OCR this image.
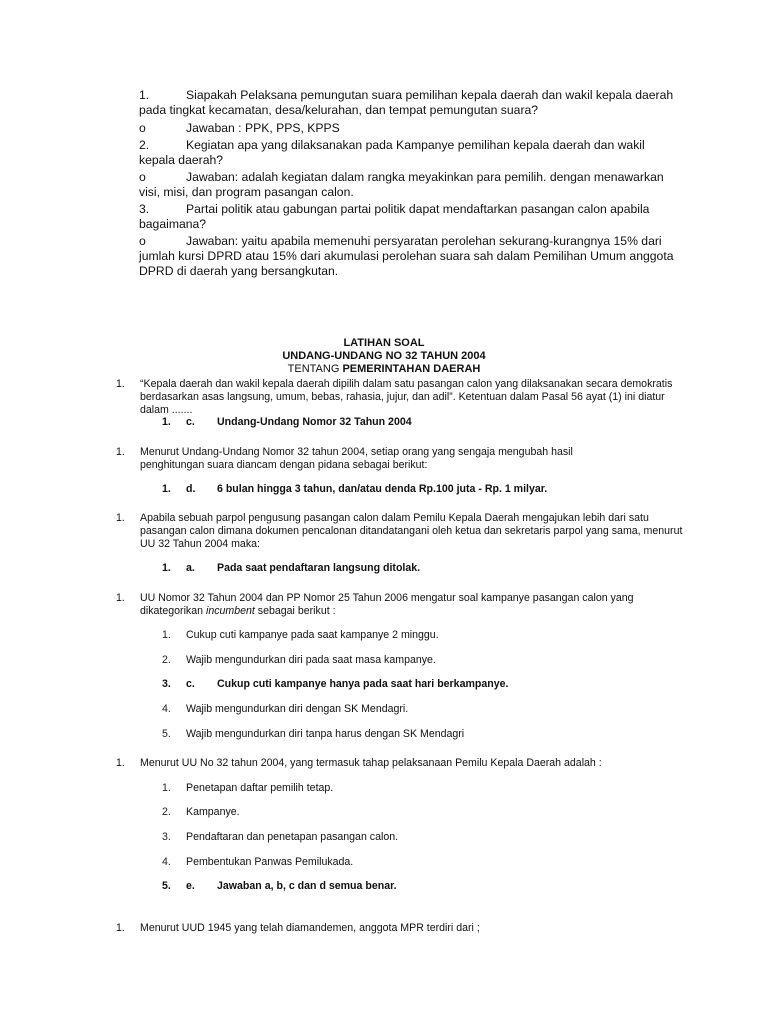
1.	Siapakah Pelaksana pemungutan suara pemilihan kepala daerah dan wakil kepala daerah pada tingkat kecamatan, desa/kelurahan, dan tempat pemungutan suara?
o	Jawaban : PPK, PPS, KPPS
2.	Kegiatan apa yang dilaksanakan pada Kampanye pemilihan kepala daerah dan wakil kepala daerah?
o	Jawaban: adalah kegiatan dalam rangka meyakinkan para pemilih. dengan menawarkan visi, misi, dan program pasangan calon.
3.	Partai politik atau gabungan partai politik dapat mendaftarkan pasangan calon apabila bagaimana?
o	Jawaban: yaitu apabila memenuhi persyaratan perolehan sekurang-kurangnya 15% dari jumlah kursi DPRD atau 15% dari akumulasi perolehan suara sah dalam Pemilihan Umum anggota DPRD di daerah yang bersangkutan.
LATIHAN SOAL
UNDANG-UNDANG NO 32 TAHUN 2004
TENTANG PEMERINTAHAN DAERAH
1. “Kepala daerah dan wakil kepala daerah dipilih dalam satu pasangan calon yang dilaksanakan secara demokratis berdasarkan asas langsung, umum, bebas, rahasia, jujur, dan adil”. Ketentuan dalam Pasal 56 ayat (1) ini diatur dalam .......
1.	c.	Undang-Undang Nomor 32 Tahun 2004
1. Menurut Undang-Undang Nomor 32 tahun 2004, setiap orang yang sengaja mengubah hasil penghitungan suara diancam dengan pidana sebagai berikut:
1.	d.	6 bulan hingga 3 tahun, dan/atau denda Rp.100 juta - Rp. 1 milyar.
1. Apabila sebuah parpol pengusung pasangan calon dalam Pemilu Kepala Daerah mengajukan lebih dari satu pasangan calon dimana dokumen pencalonan ditandatangani oleh ketua dan sekretaris parpol yang sama, menurut UU 32 Tahun 2004 maka:
1.	a.	Pada saat pendaftaran langsung ditolak.
1. UU Nomor 32 Tahun 2004 dan PP Nomor 25 Tahun 2006 mengatur soal kampanye pasangan calon yang dikategorikan incumbent sebagai berikut :
1.	Cukup cuti kampanye pada saat kampanye 2 minggu.
2.	Wajib mengundurkan diri pada saat masa kampanye.
3.	c.	Cukup cuti kampanye hanya pada saat hari berkampanye.
4.	Wajib mengundurkan diri dengan SK Mendagri.
5.	Wajib mengundurkan diri tanpa harus dengan SK Mendagri
1. Menurut UU No 32 tahun 2004, yang termasuk tahap pelaksanaan Pemilu Kepala Daerah adalah :
1.	Penetapan daftar pemilih tetap.
2.	Kampanye.
3.	Pendaftaran dan penetapan pasangan calon.
4.	Pembentukan Panwas Pemilukada.
5.	e.	Jawaban a, b, c dan d semua benar.
1. Menurut UUD 1945 yang telah diamandemen, anggota MPR terdiri dari ;
